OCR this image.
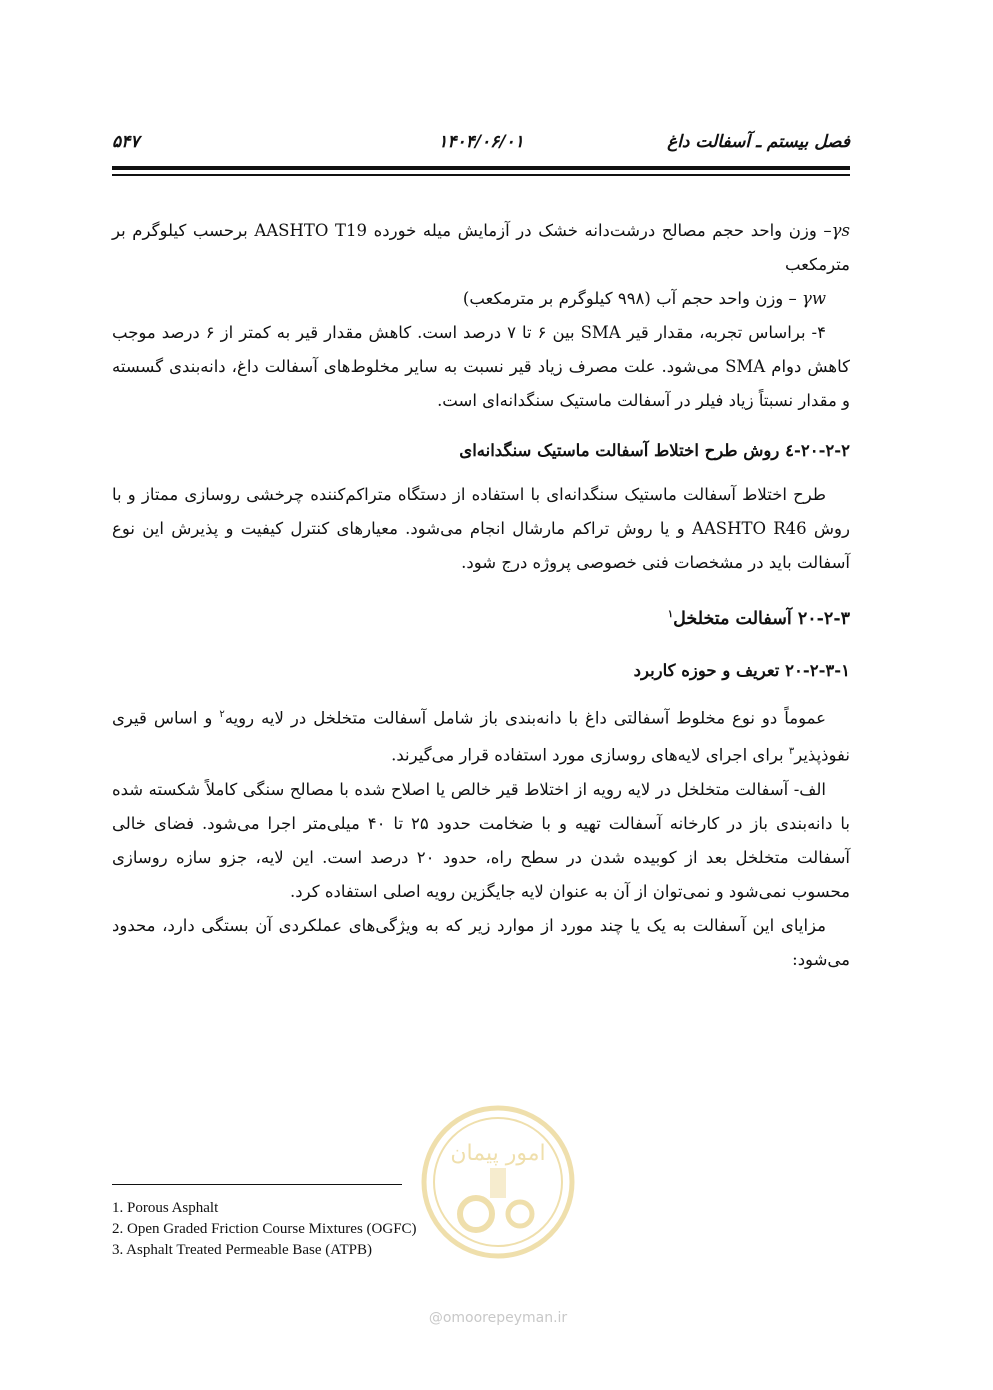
فصل بیستم ـ آسفالت داغ
۱۴۰۴/۰۶/۰۱
۵۴۷

γs– وزن واحد حجم مصالح درشت‌دانه خشک در آزمایش میله خورده AASHTO T19 برحسب کیلوگرم بر مترمکعب

γw – وزن واحد حجم آب (۹۹۸ کیلوگرم بر مترمکعب)

۴- براساس تجربه، مقدار قیر SMA بین ۶ تا ۷ درصد است. کاهش مقدار قیر به کمتر از ۶ درصد موجب کاهش دوام SMA می‌شود. علت مصرف زیاد قیر نسبت به سایر مخلوط‌های آسفالت داغ، دانه‌بندی گسسته و مقدار نسبتاً زیاد فیلر در آسفالت ماستیک سنگدانه‌ای است.

۲۰-۲-۲-٤ روش طرح اختلاط آسفالت ماستیک سنگدانه‌ای

طرح اختلاط آسفالت ماستیک سنگدانه‌ای با استفاده از دستگاه متراکم‌کننده چرخشی روسازی ممتاز و با روش AASHTO R46 و یا روش تراکم مارشال انجام می‌شود. معیارهای کنترل کیفیت و پذیرش این نوع آسفالت باید در مشخصات فنی خصوصی پروژه درج شود.

۲۰-۲-۳ آسفالت متخلخل$^۱$

۲۰-۲-۳-۱ تعریف و حوزه کاربرد

عموماً دو نوع مخلوط آسفالتی داغ با دانه‌بندی باز شامل آسفالت متخلخل در لایه رویه$^۲$ و اساس قیری نفوذپذیر$^۳$ برای اجرای لایه‌های روسازی مورد استفاده قرار می‌گیرند.

الف- آسفالت متخلخل در لایه رویه از اختلاط قیر خالص یا اصلاح شده با مصالح سنگی کاملاً شکسته شده با دانه‌بندی باز در کارخانه آسفالت تهیه و با ضخامت حدود ۲۵ تا ۴۰ میلی‌متر اجرا می‌شود. فضای خالی آسفالت متخلخل بعد از کوبیده شدن در سطح راه، حدود ۲۰ درصد است. این لایه، جزو سازه روسازی محسوب نمی‌شود و نمی‌توان از آن به عنوان لایه جایگزین رویه اصلی استفاده کرد.

مزایای این آسفالت به یک یا چند مورد از موارد زیر که به ویژگی‌های عملکردی آن بستگی دارد، محدود می‌شود:

امور پیمان
@omoorepeyman.ir
1. Porous Asphalt
2. Open Graded Friction Course Mixtures (OGFC)
3. Asphalt Treated Permeable Base (ATPB)
